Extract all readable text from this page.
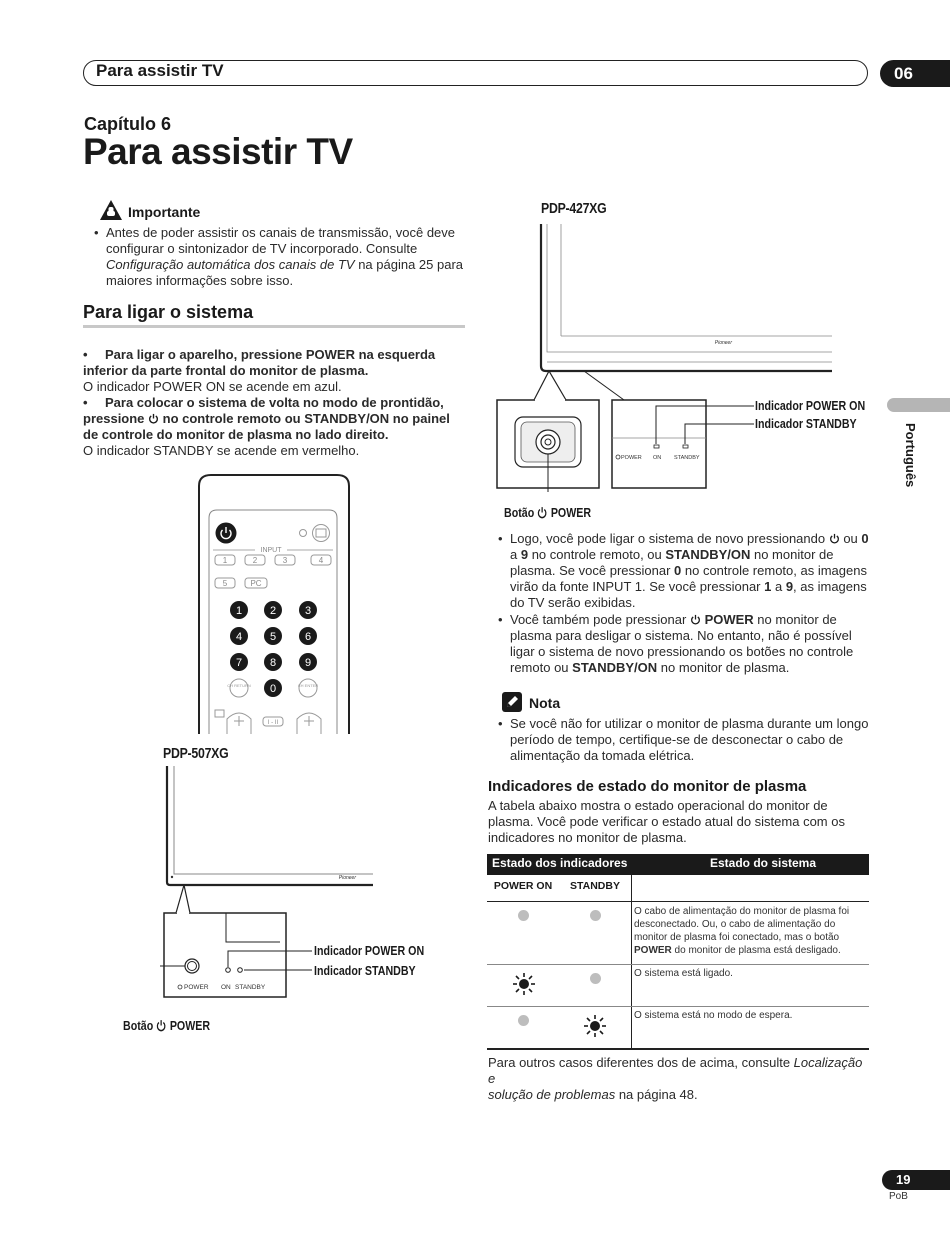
Para assistir TV	06
Capítulo 6
Para assistir TV
Importante
• Antes de poder assistir os canais de transmissão, você deve
configurar o sintonizador de TV incorporado. Consulte
Configuração automática dos canais de TV na página 25 para
maiores informações sobre isso.
Para ligar o sistema
• Para ligar o aparelho, pressione POWER na esquerda
inferior da parte frontal do monitor de plasma.
O indicador POWER ON se acende em azul.
• Para colocar o sistema de volta no modo de prontidão,
pressione  no controle remoto ou STANDBY/ON no painel
de controle do monitor de plasma no lado direito.
O indicador STANDBY se acende em vermelho.
INPUT
1	2	3	4
5	PC
1	2	3
4	5	6
7	8	9
0
CH RETURN	CH ENTER
I - II
PDP-507XG
Pioneer
POWER ON STANDBY
Indicador POWER ON
Indicador STANDBY
Botão POWER
PDP-427XG
Pioneer
POWER ON STANDBY
Indicador POWER ON
Indicador STANDBY
Botão POWER
• Logo, você pode ligar o sistema de novo pressionando  ou 0
a 9 no controle remoto, ou STANDBY/ON no monitor de
plasma. Se você pressionar 0 no controle remoto, as imagens
virão da fonte INPUT 1. Se você pressionar 1 a 9, as imagens
do TV serão exibidas.
• Você também pode pressionar  POWER no monitor de
plasma para desligar o sistema. No entanto, não é possível
ligar o sistema de novo pressionando os botões no controle
remoto ou STANDBY/ON no monitor de plasma.
Nota
• Se você não for utilizar o monitor de plasma durante um longo
período de tempo, certifique-se de desconectar o cabo de
alimentação da tomada elétrica.
Indicadores de estado do monitor de plasma
A tabela abaixo mostra o estado operacional do monitor de
plasma. Você pode verificar o estado atual do sistema com os
indicadores no monitor de plasma.
Estado dos indicadores	Estado do sistema
POWER ON	STANDBY
O cabo de alimentação do monitor de plasma foi
desconectado. Ou, o cabo de alimentação do
monitor de plasma foi conectado, mas o botão
POWER do monitor de plasma está desligado.
O sistema está ligado.
O sistema está no modo de espera.
Para outros casos diferentes dos de acima, consulte Localização e
solução de problemas na página 48.
Português
19
PoB
